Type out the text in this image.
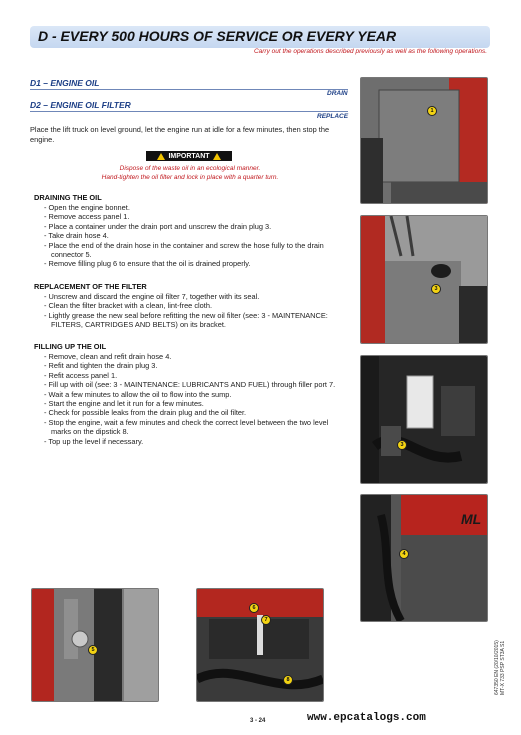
D - EVERY 500 HOURS OF SERVICE OR EVERY YEAR
Carry out the operations described previously as well as the following operations.
D1 – ENGINE OIL
DRAIN
D2 – ENGINE OIL FILTER
REPLACE
Place the lift truck on level ground, let the engine run at idle for a few minutes, then stop the engine.
IMPORTANT
Dispose of the waste oil in an ecological manner.
Hand-tighten the oil filter and lock in place with a quarter turn.
DRAINING THE OIL
- Open the engine bonnet.
- Remove access panel 1.
- Place a container under the drain port and unscrew the drain plug 3.
- Take drain hose 4.
- Place the end of the drain hose in the container and screw the hose fully to the drain connector 5.
- Remove filling plug 6 to ensure that the oil is drained properly.
REPLACEMENT OF THE FILTER
- Unscrew and discard the engine oil filter 7, together with its seal.
- Clean the filter bracket with a clean, lint-free cloth.
- Lightly grease the new seal before refitting the new oil filter (see: 3 - MAINTENANCE: FILTERS, CARTRIDGES AND BELTS) on its bracket.
FILLING UP THE OIL
- Remove, clean and refit drain hose 4.
- Refit and tighten the drain plug 3.
- Refit access panel 1.
- Fill up with oil (see: 3 - MAINTENANCE: LUBRICANTS AND FUEL) through filler port 7.
- Wait a few minutes to allow the oil to flow into the sump.
- Start the engine and let it run for a few minutes.
- Check for possible leaks from the drain plug and the oil filter.
- Stop the engine, wait a few minutes and check the correct level between the two level marks on the dipstick 8.
- Top up the level if necessary.
1
3
3
ML
4
5
6
7
8
3 - 24	www.epcatalogs.com
647350 EN (20/10/2015) MT-X 733 PSP ST3A S1
